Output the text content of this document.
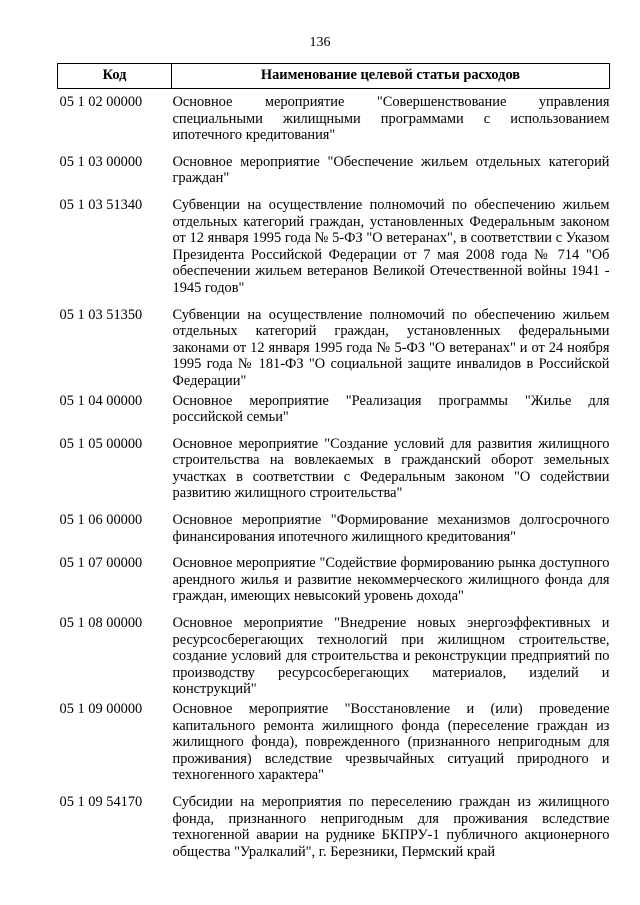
136
Код	Наименование целевой статьи расходов
05 1 02 00000	Основное мероприятие "Совершенствование управления специальными жилищными программами с использованием ипотечного кредитования"
05 1 03 00000	Основное мероприятие "Обеспечение жильем отдельных категорий граждан"
05 1 03 51340	Субвенции на осуществление полномочий по обеспечению жильем отдельных категорий граждан, установленных Федеральным законом от 12 января 1995 года № 5-ФЗ "О ветеранах", в соответствии с Указом Президента Российской Федерации от 7 мая 2008 года № 714 "Об обеспечении жильем ветеранов Великой Отечественной войны 1941 - 1945 годов"
05 1 03 51350	Субвенции на осуществление полномочий по обеспечению жильем отдельных категорий граждан, установленных федеральными законами от 12 января 1995 года № 5-ФЗ "О ветеранах" и от 24 ноября 1995 года № 181-ФЗ "О социальной защите инвалидов в Российской Федерации"
05 1 04 00000	Основное мероприятие "Реализация программы "Жилье для российской семьи"
05 1 05 00000	Основное мероприятие "Создание условий для развития жилищного строительства на вовлекаемых в гражданский оборот земельных участках в соответствии с Федеральным законом "О содействии развитию жилищного строительства"
05 1 06 00000	Основное мероприятие "Формирование механизмов долгосрочного финансирования ипотечного жилищного кредитования"
05 1 07 00000	Основное мероприятие "Содействие формированию рынка доступного арендного жилья и развитие некоммерческого жилищного фонда для граждан, имеющих невысокий уровень дохода"
05 1 08 00000	Основное мероприятие "Внедрение новых энергоэффективных и ресурсосберегающих технологий при жилищном строительстве, создание условий для строительства и реконструкции предприятий по производству ресурсосберегающих материалов, изделий и конструкций"
05 1 09 00000	Основное мероприятие "Восстановление и (или) проведение капитального ремонта жилищного фонда (переселение граждан из жилищного фонда), поврежденного (признанного непригодным для проживания) вследствие чрезвычайных ситуаций природного и техногенного характера"
05 1 09 54170	Субсидии на мероприятия по переселению граждан из жилищного фонда, признанного непригодным для проживания вследствие техногенной аварии на руднике БКПРУ-1 публичного акционерного общества "Уралкалий", г. Березники, Пермский край
